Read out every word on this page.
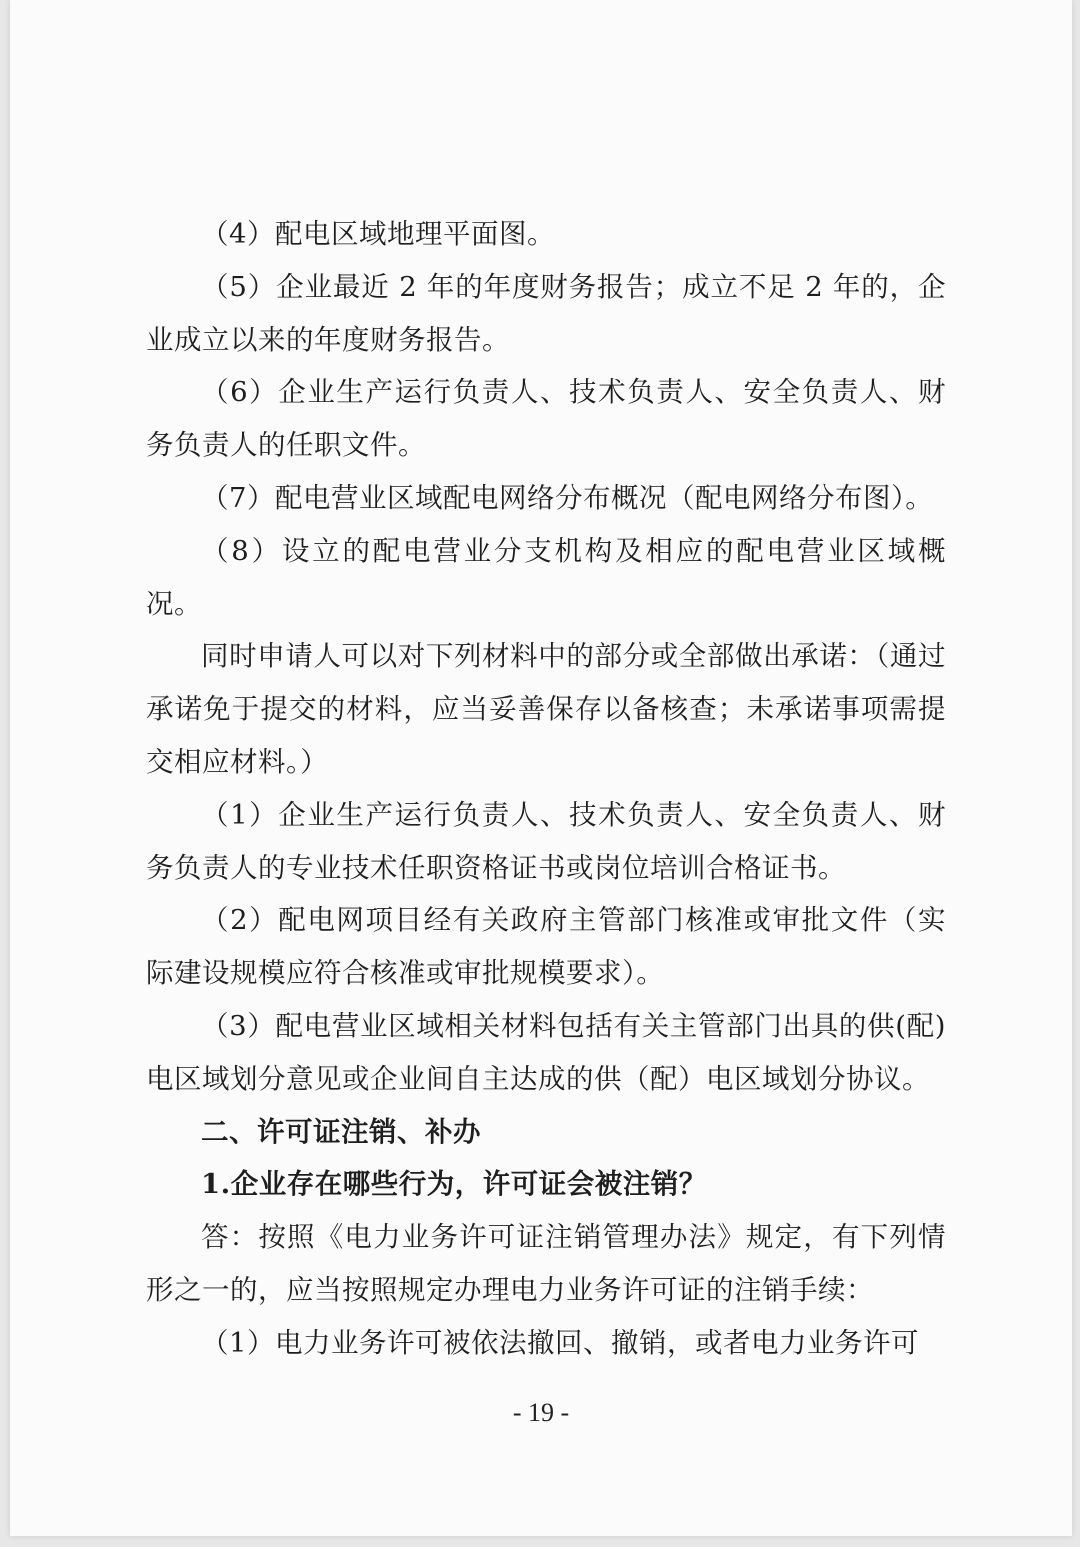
（4）配电区域地理平面图。

（5）企业最近 2 年的年度财务报告；成立不足 2 年的，企业成立以来的年度财务报告。

（6）企业生产运行负责人、技术负责人、安全负责人、财务负责人的任职文件。

（7）配电营业区域配电网络分布概况（配电网络分布图）。

（8）设立的配电营业分支机构及相应的配电营业区域概况。

同时申请人可以对下列材料中的部分或全部做出承诺：（通过承诺免于提交的材料，应当妥善保存以备核查；未承诺事项需提交相应材料。）

（1）企业生产运行负责人、技术负责人、安全负责人、财务负责人的专业技术任职资格证书或岗位培训合格证书。

（2）配电网项目经有关政府主管部门核准或审批文件（实际建设规模应符合核准或审批规模要求）。

（3）配电营业区域相关材料包括有关主管部门出具的供(配)电区域划分意见或企业间自主达成的供（配）电区域划分协议。

二、许可证注销、补办

1.企业存在哪些行为，许可证会被注销？

答：按照《电力业务许可证注销管理办法》规定，有下列情形之一的，应当按照规定办理电力业务许可证的注销手续：

（1）电力业务许可被依法撤回、撤销，或者电力业务许可

- 19 -
